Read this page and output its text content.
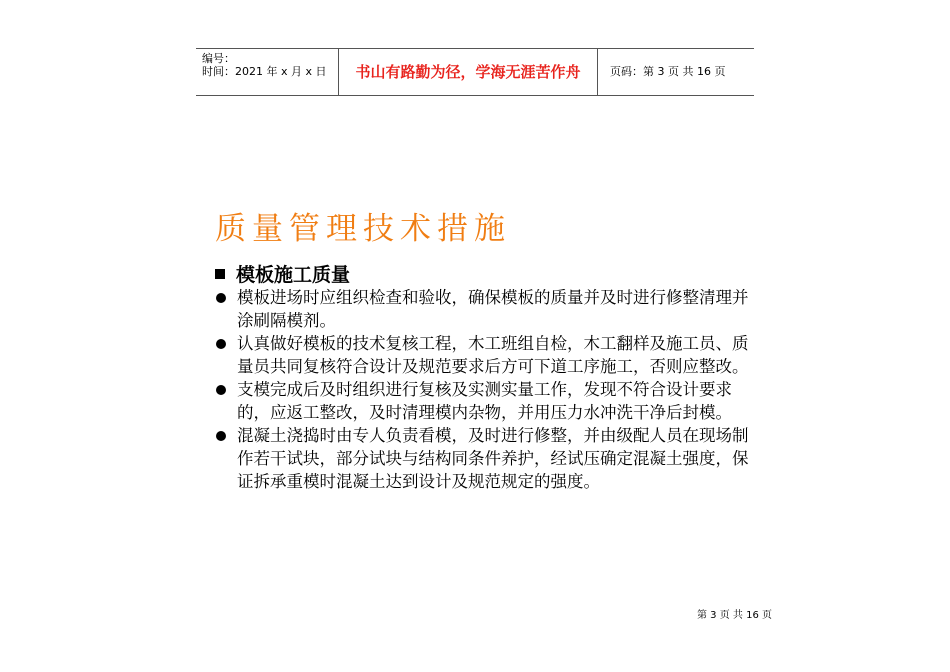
编号：
时间：2021 年 x 月 x 日	书山有路勤为径，学海无涯苦作舟	页码：第 3 页 共 16 页
质量管理技术措施
模板施工质量
模板进场时应组织检查和验收，确保模板的质量并及时进行修整清理并涂刷隔模剂。
认真做好模板的技术复核工程，木工班组自检，木工翻样及施工员、质量员共同复核符合设计及规范要求后方可下道工序施工，否则应整改。
支模完成后及时组织进行复核及实测实量工作，发现不符合设计要求的，应返工整改，及时清理模内杂物，并用压力水冲洗干净后封模。
混凝土浇捣时由专人负责看模，及时进行修整，并由级配人员在现场制作若干试块，部分试块与结构同条件养护，经试压确定混凝土强度，保证拆承重模时混凝土达到设计及规范规定的强度。
第 3 页 共 16 页
